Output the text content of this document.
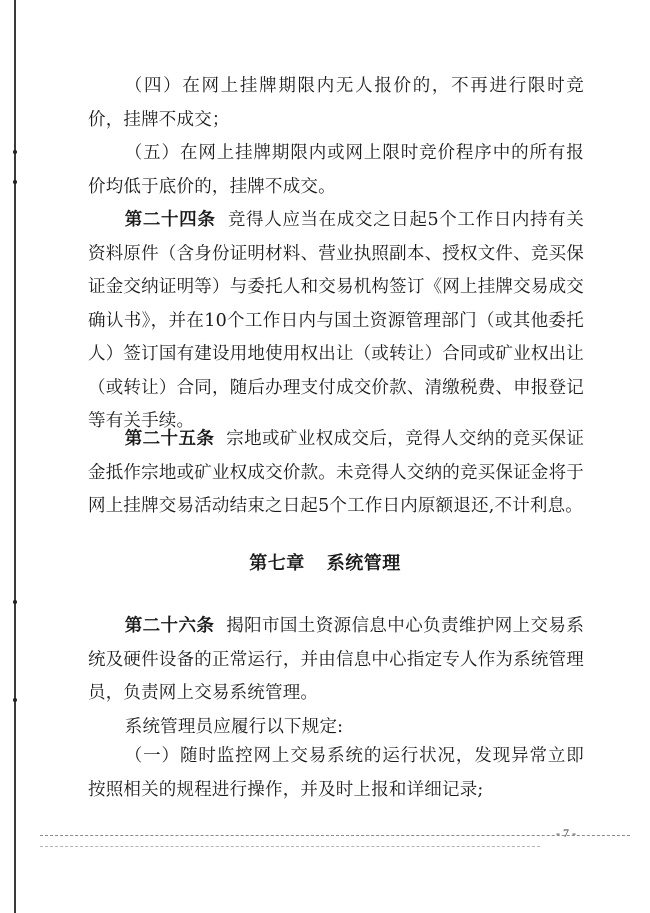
（四）在网上挂牌期限内无人报价的，不再进行限时竞价，挂牌不成交；

（五）在网上挂牌期限内或网上限时竞价程序中的所有报价均低于底价的，挂牌不成交。

第二十四条 竞得人应当在成交之日起5个工作日内持有关资料原件（含身份证明材料、营业执照副本、授权文件、竞买保证金交纳证明等）与委托人和交易机构签订《网上挂牌交易成交确认书》，并在10个工作日内与国土资源管理部门（或其他委托人）签订国有建设用地使用权出让（或转让）合同或矿业权出让（或转让）合同，随后办理支付成交价款、清缴税费、申报登记等有关手续。

第二十五条 宗地或矿业权成交后，竞得人交纳的竞买保证金抵作宗地或矿业权成交价款。未竞得人交纳的竞买保证金将于网上挂牌交易活动结束之日起5个工作日内原额退还,不计利息。

第七章 系统管理

第二十六条 揭阳市国土资源信息中心负责维护网上交易系统及硬件设备的正常运行，并由信息中心指定专人作为系统管理员，负责网上交易系统管理。

系统管理员应履行以下规定:

（一）随时监控网上交易系统的运行状况，发现异常立即按照相关的规程进行操作，并及时上报和详细记录;

- 7 -
